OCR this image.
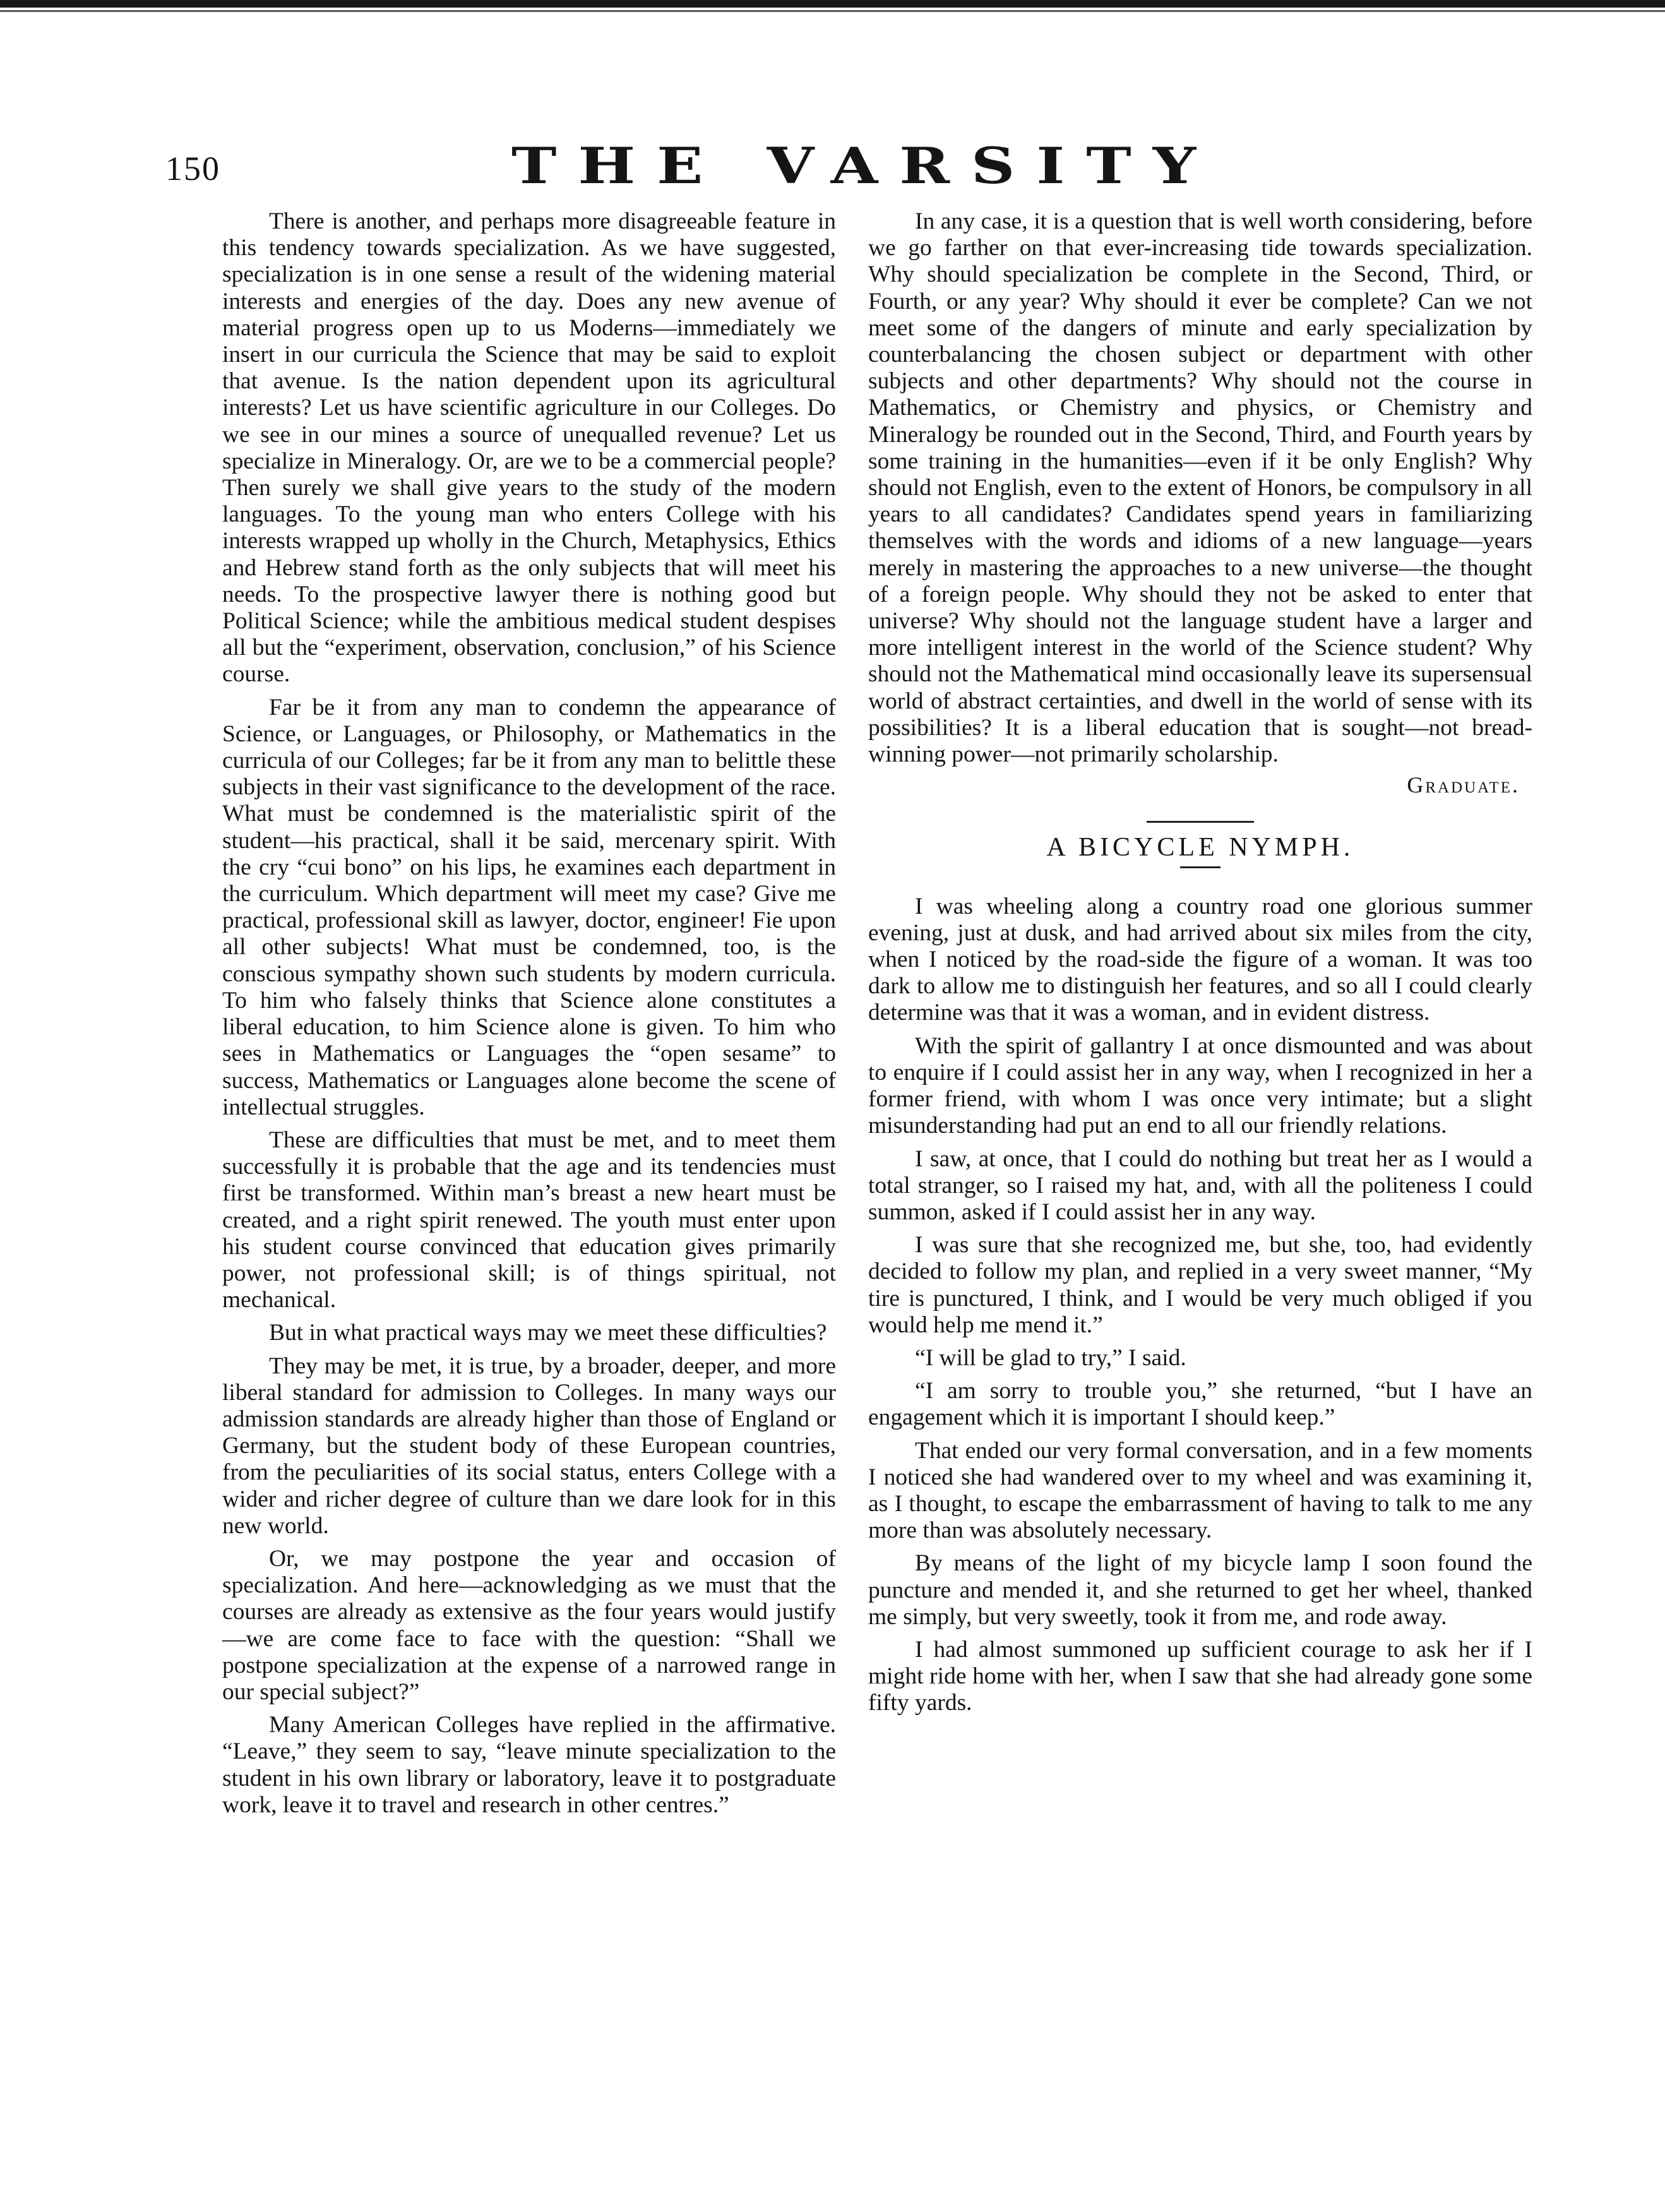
150	THE VARSITY

There is another, and perhaps more disagreeable feature in this tendency towards specialization. As we have suggested, specialization is in one sense a result of the widening material interests and energies of the day. Does any new avenue of material progress open up to us Moderns—immediately we insert in our curricula the Science that may be said to exploit that avenue. Is the nation dependent upon its agricultural interests? Let us have scientific agriculture in our Colleges. Do we see in our mines a source of unequalled revenue? Let us specialize in Mineralogy. Or, are we to be a commercial people? Then surely we shall give years to the study of the modern languages. To the young man who enters College with his interests wrapped up wholly in the Church, Metaphysics, Ethics and Hebrew stand forth as the only subjects that will meet his needs. To the prospective lawyer there is nothing good but Political Science; while the ambitious medical student despises all but the “experiment, observation, conclusion,” of his Science course.

Far be it from any man to condemn the appearance of Science, or Languages, or Philosophy, or Mathematics in the curricula of our Colleges; far be it from any man to belittle these subjects in their vast significance to the development of the race. What must be condemned is the materialistic spirit of the student—his practical, shall it be said, mercenary spirit. With the cry “cui bono” on his lips, he examines each department in the curriculum. Which department will meet my case? Give me practical, professional skill as lawyer, doctor, engineer! Fie upon all other subjects! What must be condemned, too, is the conscious sympathy shown such students by modern curricula. To him who falsely thinks that Science alone constitutes a liberal education, to him Science alone is given. To him who sees in Mathematics or Languages the “open sesame” to success, Mathematics or Languages alone become the scene of intellectual struggles.

These are difficulties that must be met, and to meet them successfully it is probable that the age and its tendencies must first be transformed. Within man’s breast a new heart must be created, and a right spirit renewed. The youth must enter upon his student course convinced that education gives primarily power, not professional skill; is of things spiritual, not mechanical.

But in what practical ways may we meet these difficulties?

They may be met, it is true, by a broader, deeper, and more liberal standard for admission to Colleges. In many ways our admission standards are already higher than those of England or Germany, but the student body of these European countries, from the peculiarities of its social status, enters College with a wider and richer degree of culture than we dare look for in this new world.

Or, we may postpone the year and occasion of specialization. And here—acknowledging as we must that the courses are already as extensive as the four years would justify—we are come face to face with the question: “Shall we postpone specialization at the expense of a narrowed range in our special subject?”

Many American Colleges have replied in the affirmative. “Leave,” they seem to say, “leave minute specialization to the student in his own library or laboratory, leave it to postgraduate work, leave it to travel and research in other centres.”

In any case, it is a question that is well worth considering, before we go farther on that ever-increasing tide towards specialization. Why should specialization be complete in the Second, Third, or Fourth, or any year? Why should it ever be complete? Can we not meet some of the dangers of minute and early specialization by counterbalancing the chosen subject or department with other subjects and other departments? Why should not the course in Mathematics, or Chemistry and physics, or Chemistry and Mineralogy be rounded out in the Second, Third, and Fourth years by some training in the humanities—even if it be only English? Why should not English, even to the extent of Honors, be compulsory in all years to all candidates? Candidates spend years in familiarizing themselves with the words and idioms of a new language—years merely in mastering the approaches to a new universe—the thought of a foreign people. Why should they not be asked to enter that universe? Why should not the language student have a larger and more intelligent interest in the world of the Science student? Why should not the Mathematical mind occasionally leave its supersensual world of abstract certainties, and dwell in the world of sense with its possibilities? It is a liberal education that is sought—not bread-winning power—not primarily scholarship.

Graduate.
A BICYCLE NYMPH.

I was wheeling along a country road one glorious summer evening, just at dusk, and had arrived about six miles from the city, when I noticed by the road-side the figure of a woman. It was too dark to allow me to distinguish her features, and so all I could clearly determine was that it was a woman, and in evident distress.

With the spirit of gallantry I at once dismounted and was about to enquire if I could assist her in any way, when I recognized in her a former friend, with whom I was once very intimate; but a slight misunderstanding had put an end to all our friendly relations.

I saw, at once, that I could do nothing but treat her as I would a total stranger, so I raised my hat, and, with all the politeness I could summon, asked if I could assist her in any way.

I was sure that she recognized me, but she, too, had evidently decided to follow my plan, and replied in a very sweet manner, “My tire is punctured, I think, and I would be very much obliged if you would help me mend it.”

“I will be glad to try,” I said.

“I am sorry to trouble you,” she returned, “but I have an engagement which it is important I should keep.”

That ended our very formal conversation, and in a few moments I noticed she had wandered over to my wheel and was examining it, as I thought, to escape the embarrassment of having to talk to me any more than was absolutely necessary.

By means of the light of my bicycle lamp I soon found the puncture and mended it, and she returned to get her wheel, thanked me simply, but very sweetly, took it from me, and rode away.

I had almost summoned up sufficient courage to ask her if I might ride home with her, when I saw that she had already gone some fifty yards.
